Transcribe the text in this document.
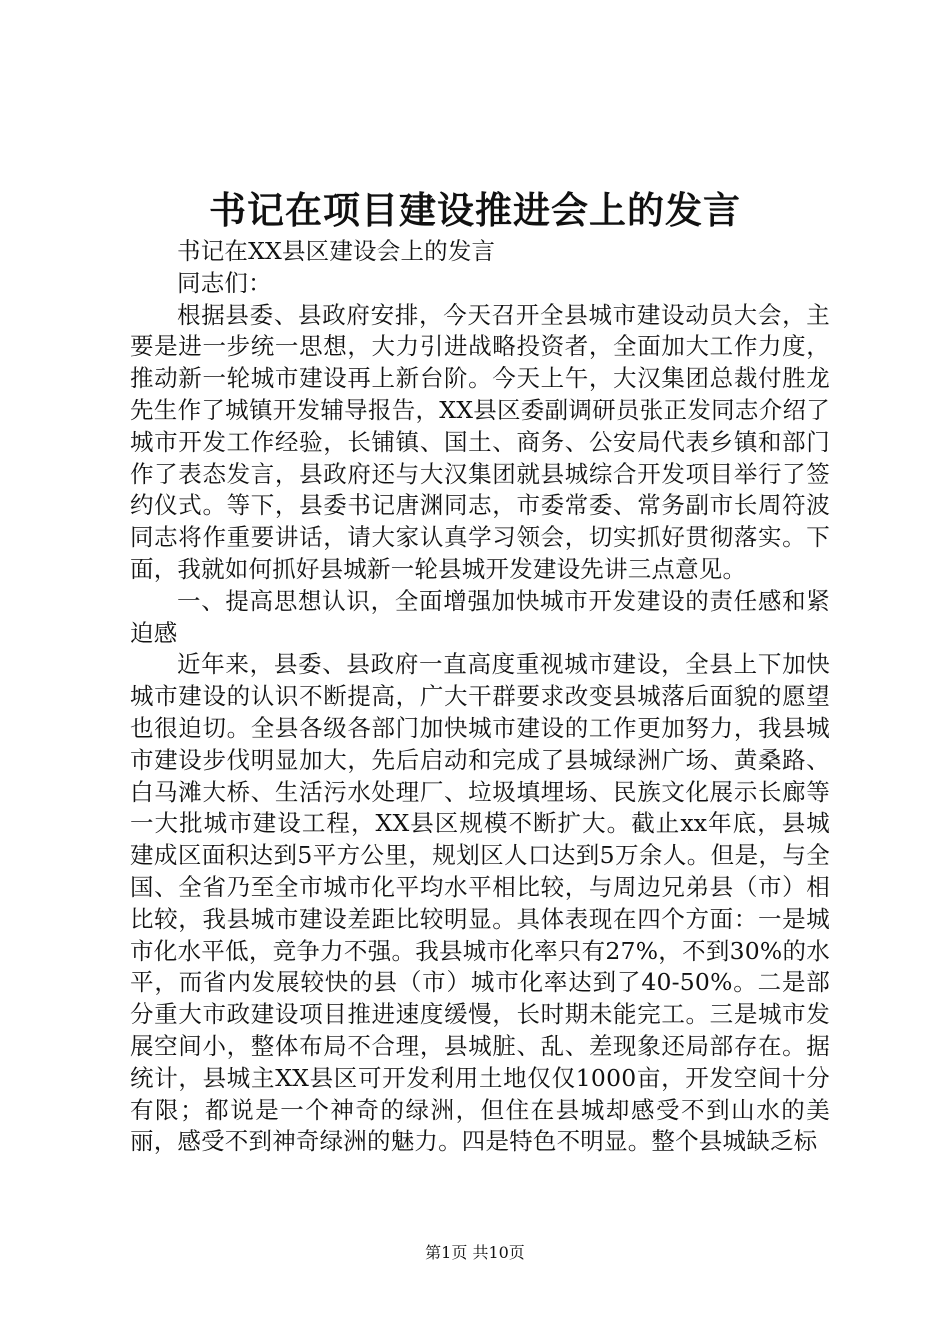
书记在项目建设推进会上的发言

书记在XX县区建设会上的发言

同志们：

根据县委、县政府安排，今天召开全县城市建设动员大会，主要是进一步统一思想，大力引进战略投资者，全面加大工作力度，推动新一轮城市建设再上新台阶。今天上午，大汉集团总裁付胜龙先生作了城镇开发辅导报告，XX县区委副调研员张正发同志介绍了城市开发工作经验，长铺镇、国土、商务、公安局代表乡镇和部门作了表态发言，县政府还与大汉集团就县城综合开发项目举行了签约仪式。等下，县委书记唐渊同志，市委常委、常务副市长周符波同志将作重要讲话，请大家认真学习领会，切实抓好贯彻落实。下面，我就如何抓好县城新一轮县城开发建设先讲三点意见。

一、提高思想认识，全面增强加快城市开发建设的责任感和紧迫感

近年来，县委、县政府一直高度重视城市建设，全县上下加快城市建设的认识不断提高，广大干群要求改变县城落后面貌的愿望也很迫切。全县各级各部门加快城市建设的工作更加努力，我县城市建设步伐明显加大，先后启动和完成了县城绿洲广场、黄桑路、白马滩大桥、生活污水处理厂、垃圾填埋场、民族文化展示长廊等一大批城市建设工程，XX县区规模不断扩大。截止xx年底，县城建成区面积达到5平方公里，规划区人口达到5万余人。但是，与全国、全省乃至全市城市化平均水平相比较，与周边兄弟县（市）相比较，我县城市建设差距比较明显。具体表现在四个方面：一是城市化水平低，竞争力不强。我县城市化率只有27%，不到30%的水平，而省内发展较快的县（市）城市化率达到了40-50%。二是部分重大市政建设项目推进速度缓慢，长时期未能完工。三是城市发展空间小，整体布局不合理，县城脏、乱、差现象还局部存在。据统计，县城主XX县区可开发利用土地仅仅1000亩，开发空间十分有限；都说是一个神奇的绿洲，但住在县城却感受不到山水的美丽，感受不到神奇绿洲的魅力。四是特色不明显。整个县城缺乏标

第1页 共10页
